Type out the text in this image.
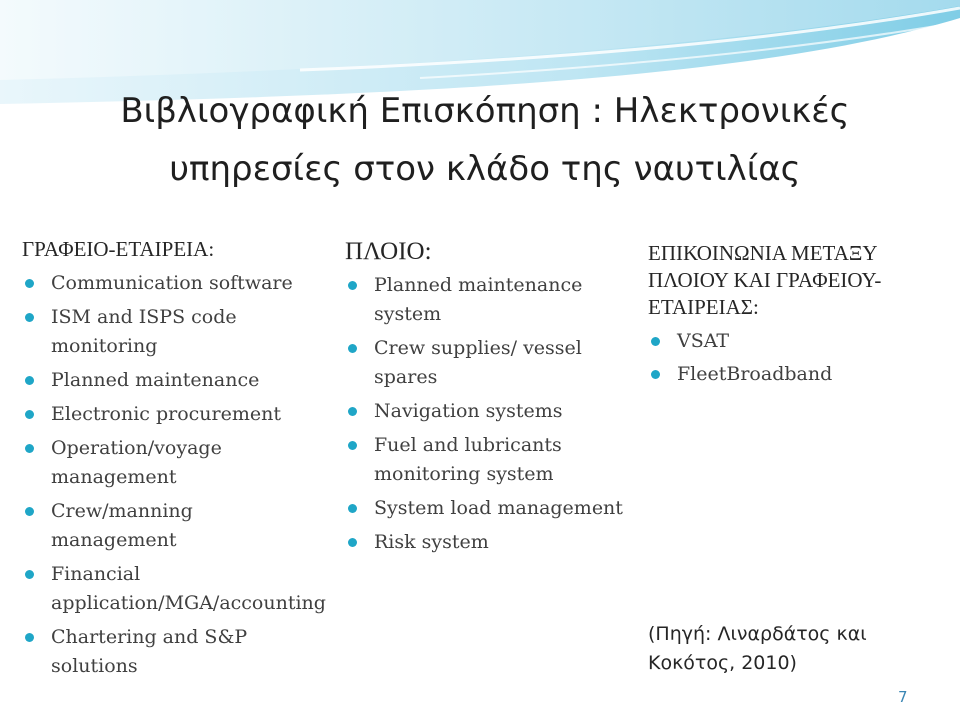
Βιβλιογραφική Επισκόπηση : Ηλεκτρονικές υπηρεσίες στον κλάδο της ναυτιλίας
ΓΡΑΦΕΙΟ-ΕΤΑΙΡΕΙΑ:
Communication software
ISM and ISPS code monitoring
Planned maintenance
Electronic procurement
Operation/voyage management
Crew/manning management
Financial application/MGA/accounting
Chartering and S&P solutions
ΠΛΟΙΟ:
Planned maintenance system
Crew supplies/ vessel spares
Navigation systems
Fuel and lubricants monitoring system
System load management
Risk system
ΕΠΙΚΟΙΝΩΝΙΑ ΜΕΤΑΞΥ ΠΛΟΙΟΥ ΚΑΙ ΓΡΑΦΕΙΟΥ-ΕΤΑΙΡΕΙΑΣ:
VSAT
FleetBroadband
(Πηγή: Λιναρδάτος και Κοκότος, 2010)
7
